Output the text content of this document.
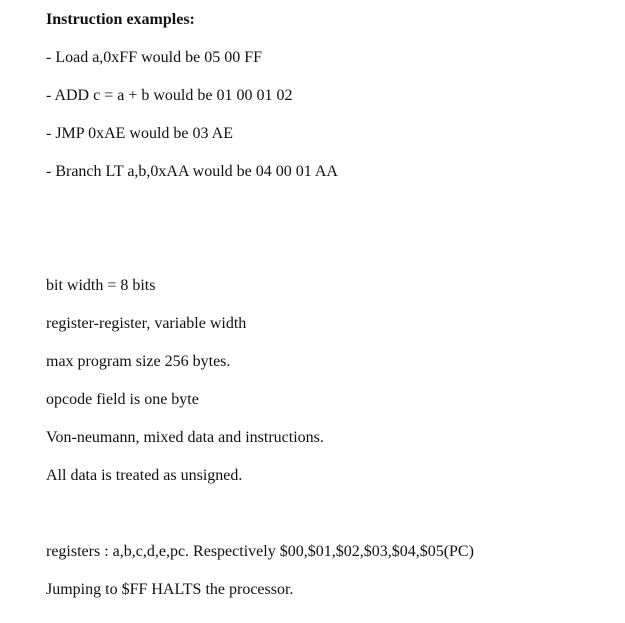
Instruction examples:
- Load a,0xFF would be 05 00 FF
- ADD c = a + b would be 01 00 01 02
- JMP 0xAE would be 03 AE
- Branch LT a,b,0xAA would be 04 00 01 AA
bit width = 8 bits
register-register, variable width
max program size 256 bytes.
opcode field is one byte
Von-neumann, mixed data and instructions.
All data is treated as unsigned.
registers : a,b,c,d,e,pc. Respectively $00,$01,$02,$03,$04,$05(PC)
Jumping to $FF HALTS the processor.
